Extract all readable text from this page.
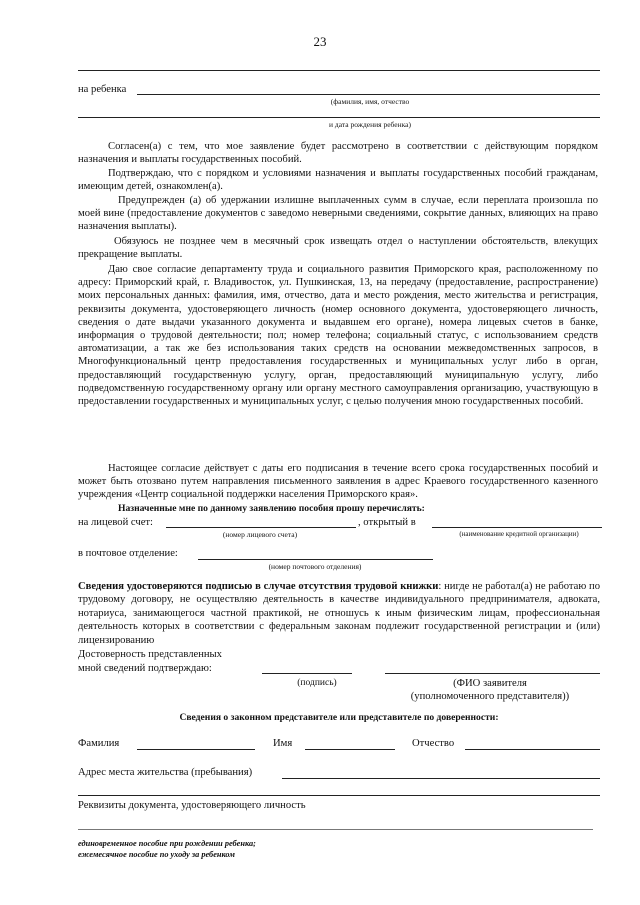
23
на ребенка
(фамилия, имя, отчество
и дата рождения ребенка)
Согласен(а) с тем, что мое заявление будет рассмотрено в соответствии с действующим порядком назначения и выплаты государственных пособий.
Подтверждаю, что с порядком и условиями назначения и выплаты государственных пособий гражданам, имеющим детей, ознакомлен(а).
Предупрежден (а) об удержании излишне выплаченных сумм в случае, если переплата произошла по моей вине (предоставление документов с заведомо неверными сведениями, сокрытие данных, влияющих на право назначения выплаты).
Обязуюсь не позднее чем в месячный срок извещать отдел о наступлении обстоятельств, влекущих прекращение выплаты.
Даю свое согласие департаменту труда и социального развития Приморского края, расположенному по адресу: Приморский край, г. Владивосток, ул. Пушкинская, 13, на передачу (предоставление, распространение) моих персональных данных: фамилия, имя, отчество, дата и место рождения, место жительства и регистрация, реквизиты документа, удостоверяющего личность (номер основного документа, удостоверяющего личность, сведения о дате выдачи указанного документа и выдавшем его органе), номера лицевых счетов в банке, информация о трудовой деятельности; пол; номер телефона; социальный статус, с использованием средств автоматизации, а так же без использования таких средств на основании межведомственных запросов, в Многофункциональный центр предоставления государственных и муниципальных услуг либо в орган, предоставляющий государственную услугу, орган, предоставляющий муниципальную услугу, либо подведомственную государственному органу или органу местного самоуправления организацию, участвующую в предоставлении государственных и муниципальных услуг, с целью получения мною государственных пособий.
Настоящее согласие действует с даты его подписания в течение всего срока государственных пособий и может быть отозвано путем направления письменного заявления в адрес Краевого государственного казенного учреждения «Центр социальной поддержки населения Приморского края».
Назначенные мне по данному заявлению пособия прошу перечислять:
на лицевой счет:	, открытый в
(номер лицевого счета)	(наименование кредитной организации)
в почтовое отделение:
(номер почтового отделения)
Сведения удостоверяются подписью в случае отсутствия трудовой книжки: нигде не работал(а) не работаю по трудовому договору, не осуществляю деятельность в качестве индивидуального предпринимателя, адвоката, нотариуса, занимающегося частной практикой, не отношусь к иным физическим лицам, профессиональная деятельность которых в соответствии с федеральным законам подлежит государственной регистрации и (или) лицензированию
Достоверность представленных
мной сведений подтверждаю:
(подпись)	(ФИО заявителя
(уполномоченного представителя))
Сведения о законном представителе или представителе по доверенности:
Фамилия	Имя	Отчество
Адрес места жительства (пребывания)
Реквизиты документа, удостоверяющего личность
единовременное пособие при рождении ребенка;
ежемесячное пособие по уходу за ребенком
